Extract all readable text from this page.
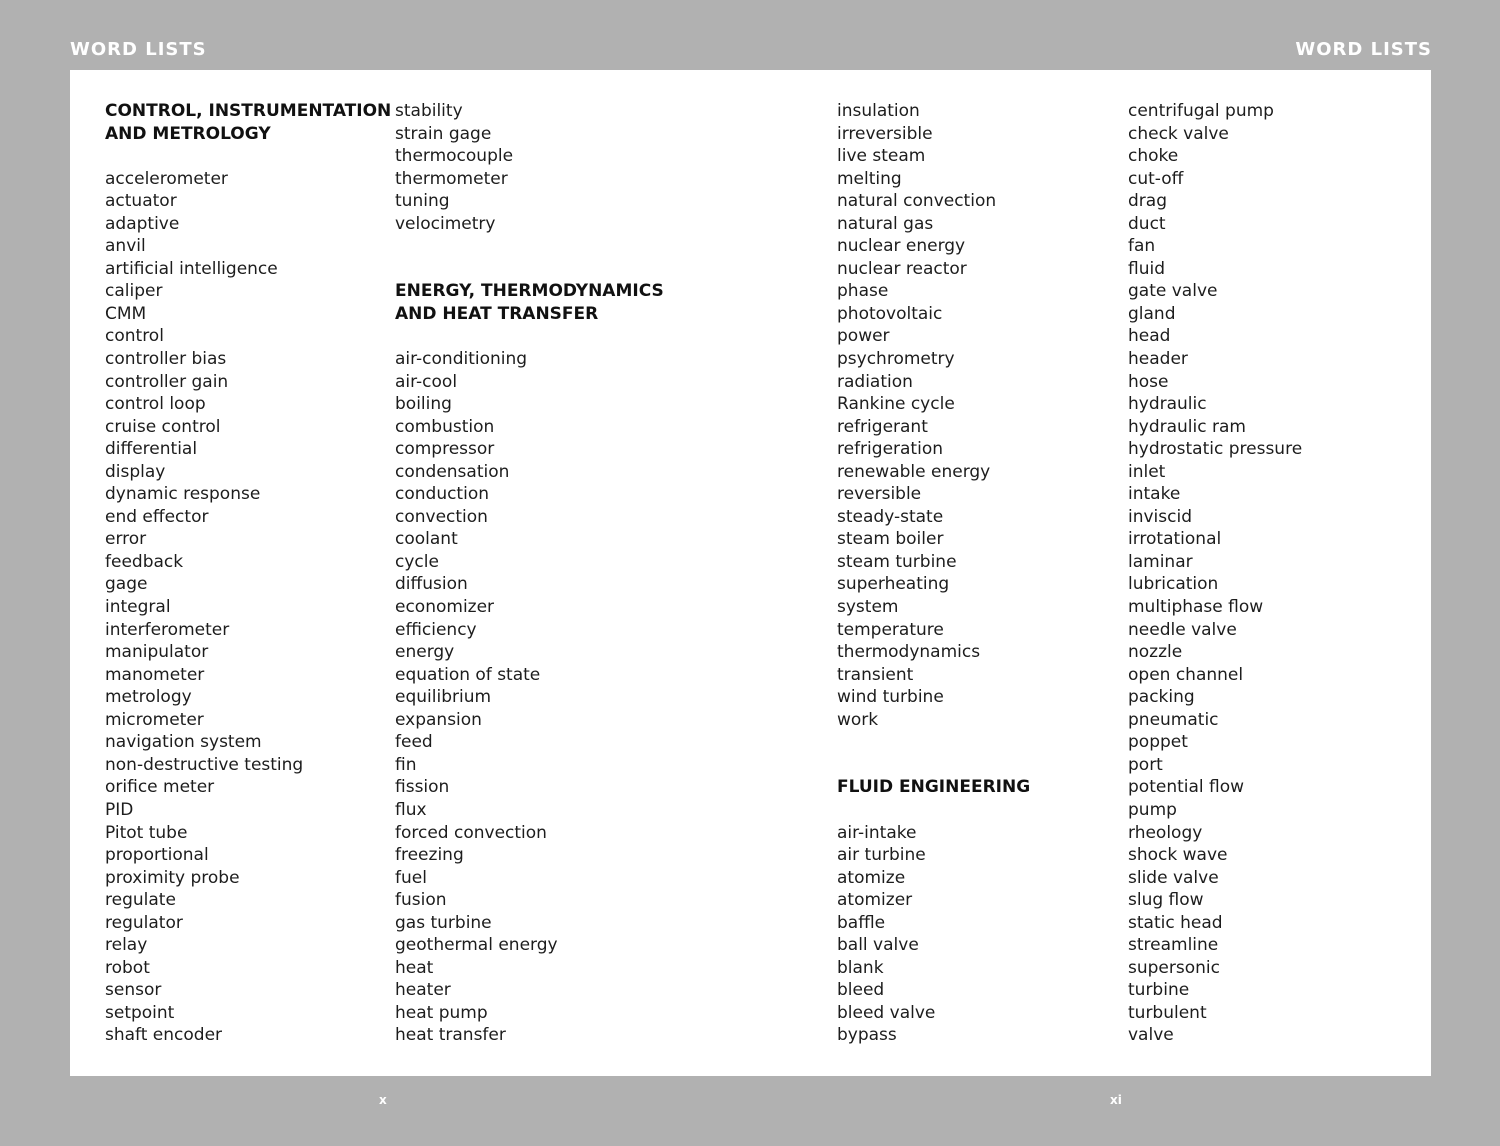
WORD LISTS	WORD LISTS
CONTROL, INSTRUMENTATION
AND METROLOGY
accelerometer
actuator
adaptive
anvil
artificial intelligence
caliper
CMM
control
controller bias
controller gain
control loop
cruise control
differential
display
dynamic response
end effector
error
feedback
gage
integral
interferometer
manipulator
manometer
metrology
micrometer
navigation system
non-destructive testing
orifice meter
PID
Pitot tube
proportional
proximity probe
regulate
regulator
relay
robot
sensor
setpoint
shaft encoder
stability
strain gage
thermocouple
thermometer
tuning
velocimetry
ENERGY, THERMODYNAMICS
AND HEAT TRANSFER
air-conditioning
air-cool
boiling
combustion
compressor
condensation
conduction
convection
coolant
cycle
diffusion
economizer
efficiency
energy
equation of state
equilibrium
expansion
feed
fin
fission
flux
forced convection
freezing
fuel
fusion
gas turbine
geothermal energy
heat
heater
heat pump
heat transfer
insulation
irreversible
live steam
melting
natural convection
natural gas
nuclear energy
nuclear reactor
phase
photovoltaic
power
psychrometry
radiation
Rankine cycle
refrigerant
refrigeration
renewable energy
reversible
steady-state
steam boiler
steam turbine
superheating
system
temperature
thermodynamics
transient
wind turbine
work
FLUID ENGINEERING
air-intake
air turbine
atomize
atomizer
baffle
ball valve
blank
bleed
bleed valve
bypass
centrifugal pump
check valve
choke
cut-off
drag
duct
fan
fluid
gate valve
gland
head
header
hose
hydraulic
hydraulic ram
hydrostatic pressure
inlet
intake
inviscid
irrotational
laminar
lubrication
multiphase flow
needle valve
nozzle
open channel
packing
pneumatic
poppet
port
potential flow
pump
rheology
shock wave
slide valve
slug flow
static head
streamline
supersonic
turbine
turbulent
valve
x	xi
